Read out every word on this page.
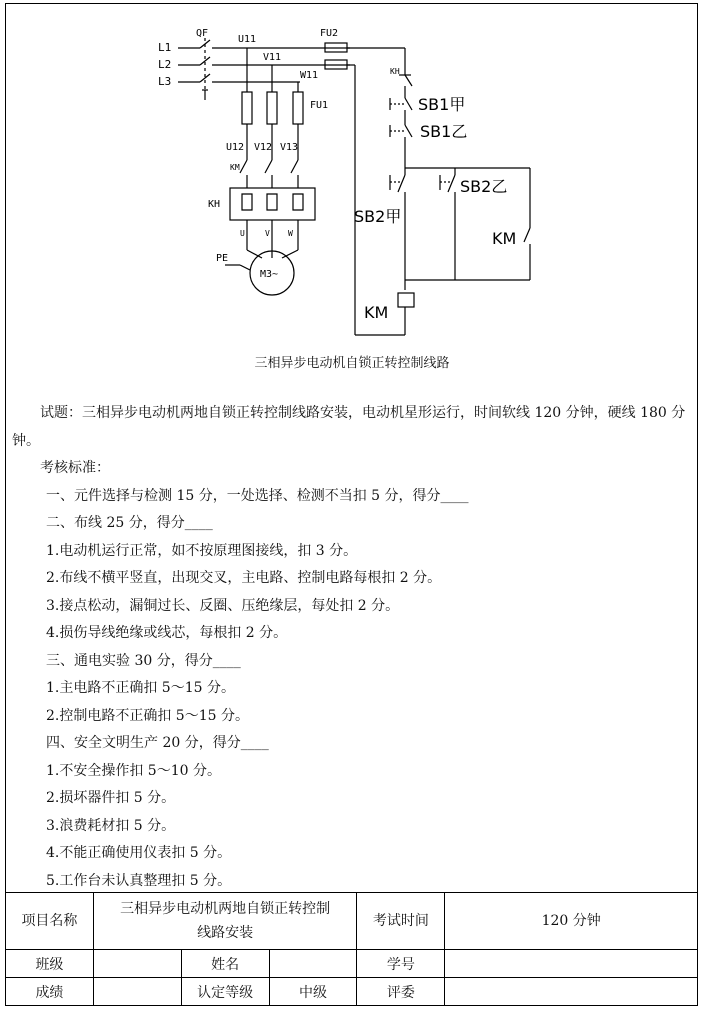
L1
L2
L3
QF
U11
V11
W11
FU2
FU1
U12 V12 V13
KM
KH
U	V W
PE
M3~
KH
SB1甲
SB1乙
SB2甲
SB2乙
KM
KM
三相异步电动机自锁正转控制线路

试题：三相异步电动机两地自锁正转控制线路安装，电动机星形运行，时间软线 120 分钟，硬线 180 分钟。

考核标准：

一、元件选择与检测 15 分，一处选择、检测不当扣 5 分，得分____

二、布线 25 分，得分____

1.电动机运行正常，如不按原理图接线，扣 3 分。

2.布线不横平竖直，出现交叉，主电路、控制电路每根扣 2 分。

3.接点松动，漏铜过长、反圈、压绝缘层，每处扣 2 分。

4.损伤导线绝缘或线芯，每根扣 2 分。

三、通电实验 30 分，得分____

1.主电路不正确扣 5～15 分。

2.控制电路不正确扣 5～15 分。

四、安全文明生产 20 分，得分____

1.不安全操作扣 5～10 分。

2.损坏器件扣 5 分。

3.浪费耗材扣 5 分。

4.不能正确使用仪表扣 5 分。

5.工作台未认真整理扣 5 分。

项目名称	三相异步电动机两地自锁正转控制
线路安装			考试时间	120 分钟
班级		姓名		学号	
成绩		认定等级	中级	评委	
